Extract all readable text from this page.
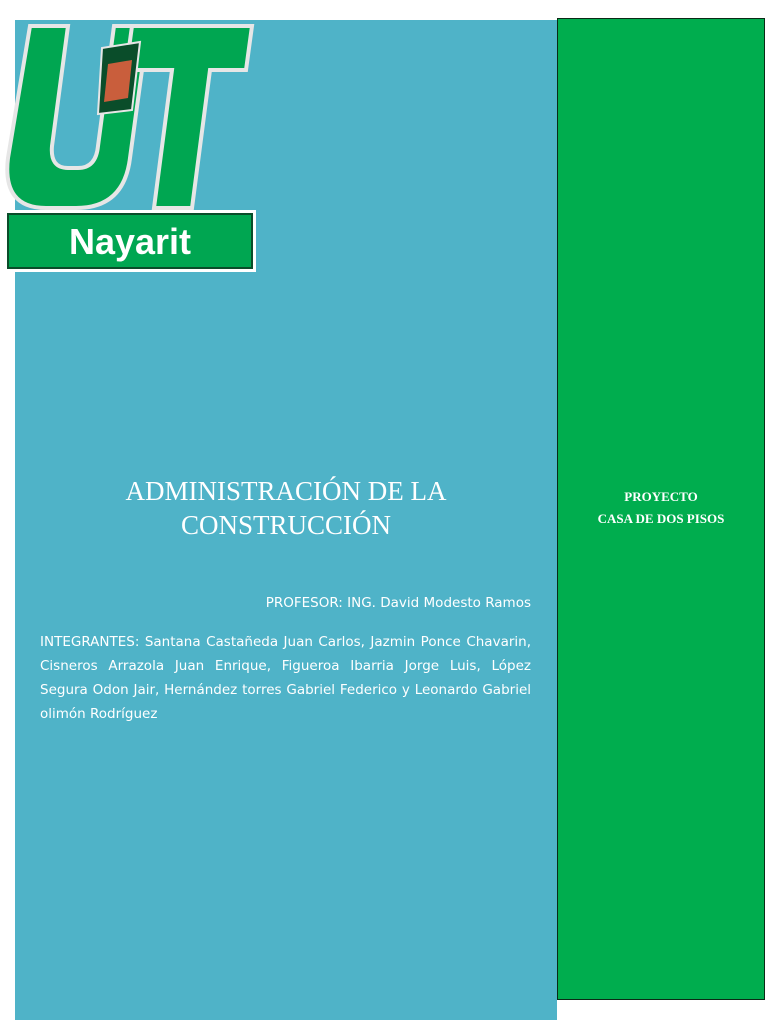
Nayarit
ADMINISTRACIÓN DE LA CONSTRUCCIÓN

PROFESOR: ING. David Modesto Ramos

INTEGRANTES: Santana Castañeda Juan Carlos, Jazmin Ponce Chavarin, Cisneros Arrazola Juan Enrique, Figueroa Ibarria Jorge Luis, López Segura Odon Jair, Hernández torres Gabriel Federico y Leonardo Gabriel olimón Rodríguez

PROYECTO
CASA DE DOS PISOS
